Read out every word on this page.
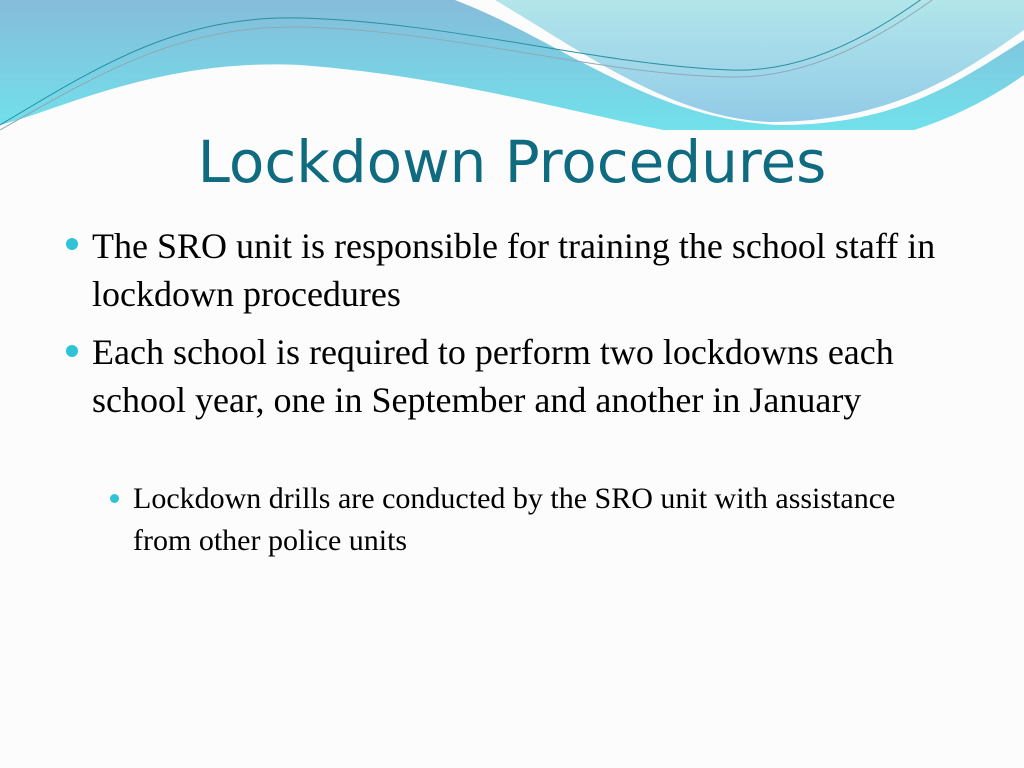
Lockdown Procedures
The SRO unit is responsible for training the school staff in lockdown procedures
Each school is required to perform two lockdowns each school year, one in September and another in January
Lockdown drills are conducted by the SRO unit with assistance from other police units
